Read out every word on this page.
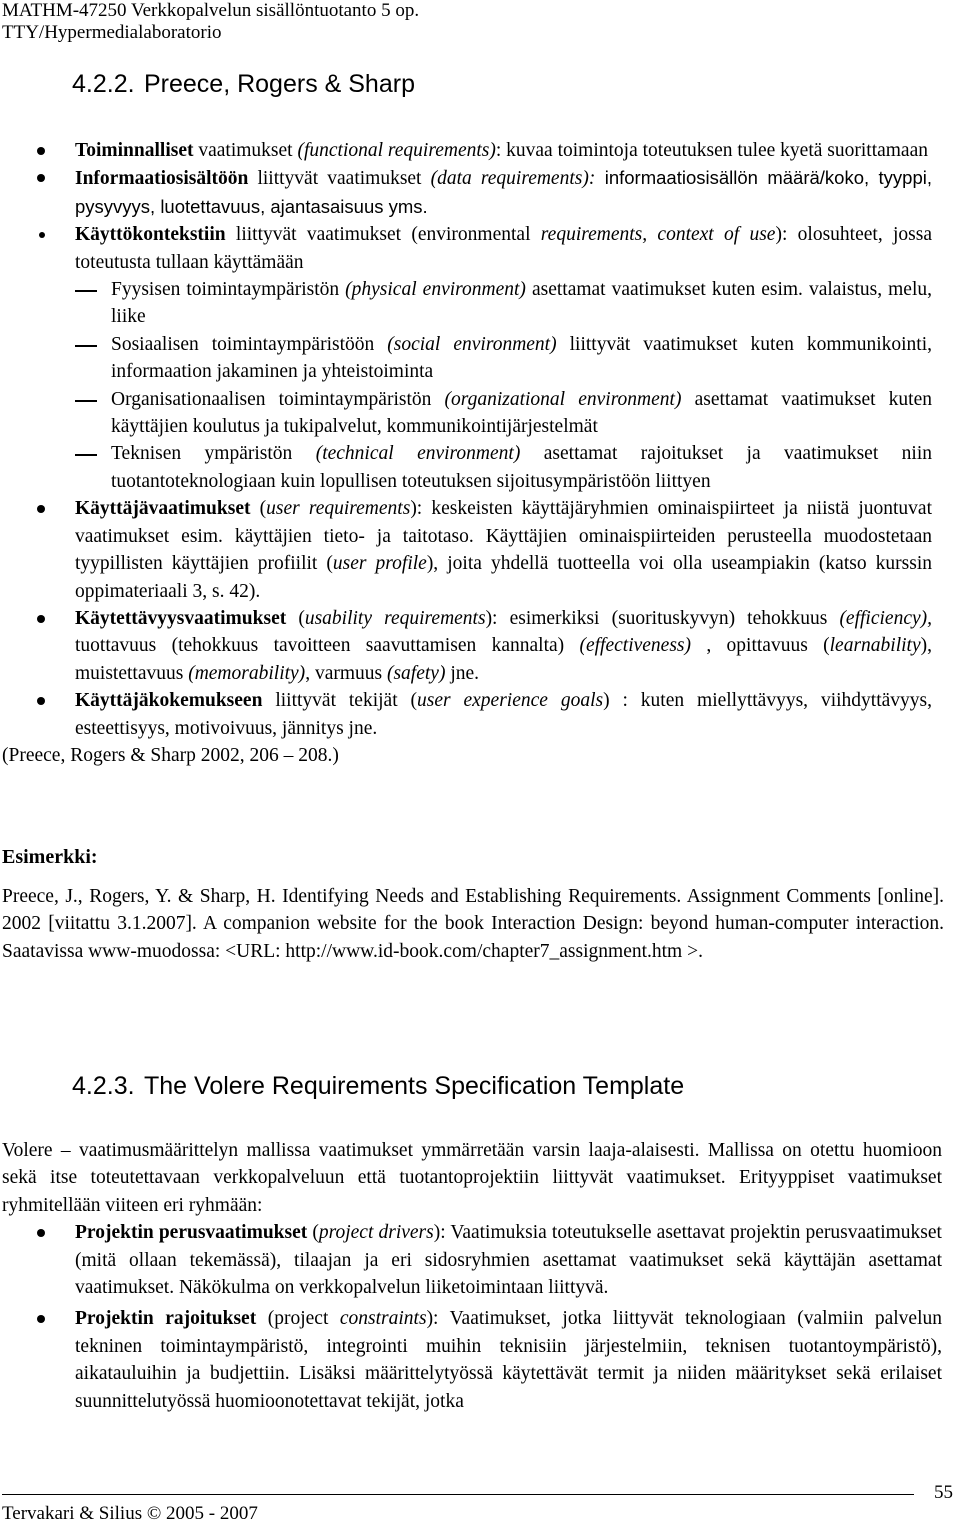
MATHM-47250 Verkkopalvelun sisällöntuotanto 5 op.
TTY/Hypermedialaboratorio
4.2.2. Preece, Rogers & Sharp
Toiminnalliset vaatimukset (functional requirements): kuvaa toimintoja toteutuksen tulee kyetä suorittamaan
Informaatiosisältöön liittyvät vaatimukset (data requirements): informaatiosisällön määrä/koko, tyyppi, pysyvyys, luotettavuus, ajantasaisuus yms.
Käyttökontekstiin liittyvät vaatimukset (environmental requirements, context of use): olosuhteet, jossa toteutusta tullaan käyttämään
Fyysisen toimintaympäristön (physical environment) asettamat vaatimukset kuten esim. valaistus, melu, liike
Sosiaalisen toimintaympäristöön (social environment) liittyvät vaatimukset kuten kommunikointi, informaation jakaminen ja yhteistoiminta
Organisationaalisen toimintaympäristön (organizational environment) asettamat vaatimukset kuten käyttäjien koulutus ja tukipalvelut, kommunikointijärjestelmät
Teknisen ympäristön (technical environment) asettamat rajoitukset ja vaatimukset niin tuotantoteknologiaan kuin lopullisen toteutuksen sijoitusympäristöön liittyen
Käyttäjävaatimukset (user requirements): keskeisten käyttäjäryhmien ominaispiirteet ja niistä juontuvat vaatimukset esim. käyttäjien tieto- ja taitotaso. Käyttäjien ominaispiirteiden perusteella muodostetaan tyypillisten käyttäjien profiilit (user profile), joita yhdellä tuotteella voi olla useampiakin (katso kurssin oppimateriaali 3, s. 42).
Käytettävyysvaatimukset (usability requirements): esimerkiksi (suorituskyvyn) tehokkuus (efficiency), tuottavuus (tehokkuus tavoitteen saavuttamisen kannalta) (effectiveness) , opittavuus (learnability), muistettavuus (memorability), varmuus (safety) jne.
Käyttäjäkokemukseen liittyvät tekijät (user experience goals) : kuten miellyttävyys, viihdyttävyys, esteettisyys, motivoivuus, jännitys jne.
(Preece, Rogers & Sharp 2002, 206 – 208.)
Esimerkki:
Preece, J., Rogers, Y. & Sharp, H. Identifying Needs and Establishing Requirements. Assignment Comments [online]. 2002 [viitattu 3.1.2007]. A companion website for the book Interaction Design: beyond human-computer interaction. Saatavissa www-muodossa: <URL: http://www.id-book.com/chapter7_assignment.htm >.
4.2.3. The Volere Requirements Specification Template
Volere – vaatimusmäärittelyn mallissa vaatimukset ymmärretään varsin laaja-alaisesti. Mallissa on otettu huomioon sekä itse toteutettavaan verkkopalveluun että tuotantoprojektiin liittyvät vaatimukset. Erityyppiset vaatimukset ryhmitellään viiteen eri ryhmään:
Projektin perusvaatimukset (project drivers): Vaatimuksia toteutukselle asettavat projektin perusvaatimukset (mitä ollaan tekemässä), tilaajan ja eri sidosryhmien asettamat vaatimukset sekä käyttäjän asettamat vaatimukset. Näkökulma on verkkopalvelun liiketoimintaan liittyvä.
Projektin rajoitukset (project constraints): Vaatimukset, jotka liittyvät teknologiaan (valmiin palvelun tekninen toimintaympäristö, integrointi muihin teknisiin järjestelmiin, teknisen tuotantoympäristö), aikatauluihin ja budjettiin. Lisäksi määrittelytyössä käytettävät termit ja niiden määritykset sekä erilaiset suunnittelutyössä huomioonotettavat tekijät, jotka
Tervakari & Silius © 2005 - 2007
55
